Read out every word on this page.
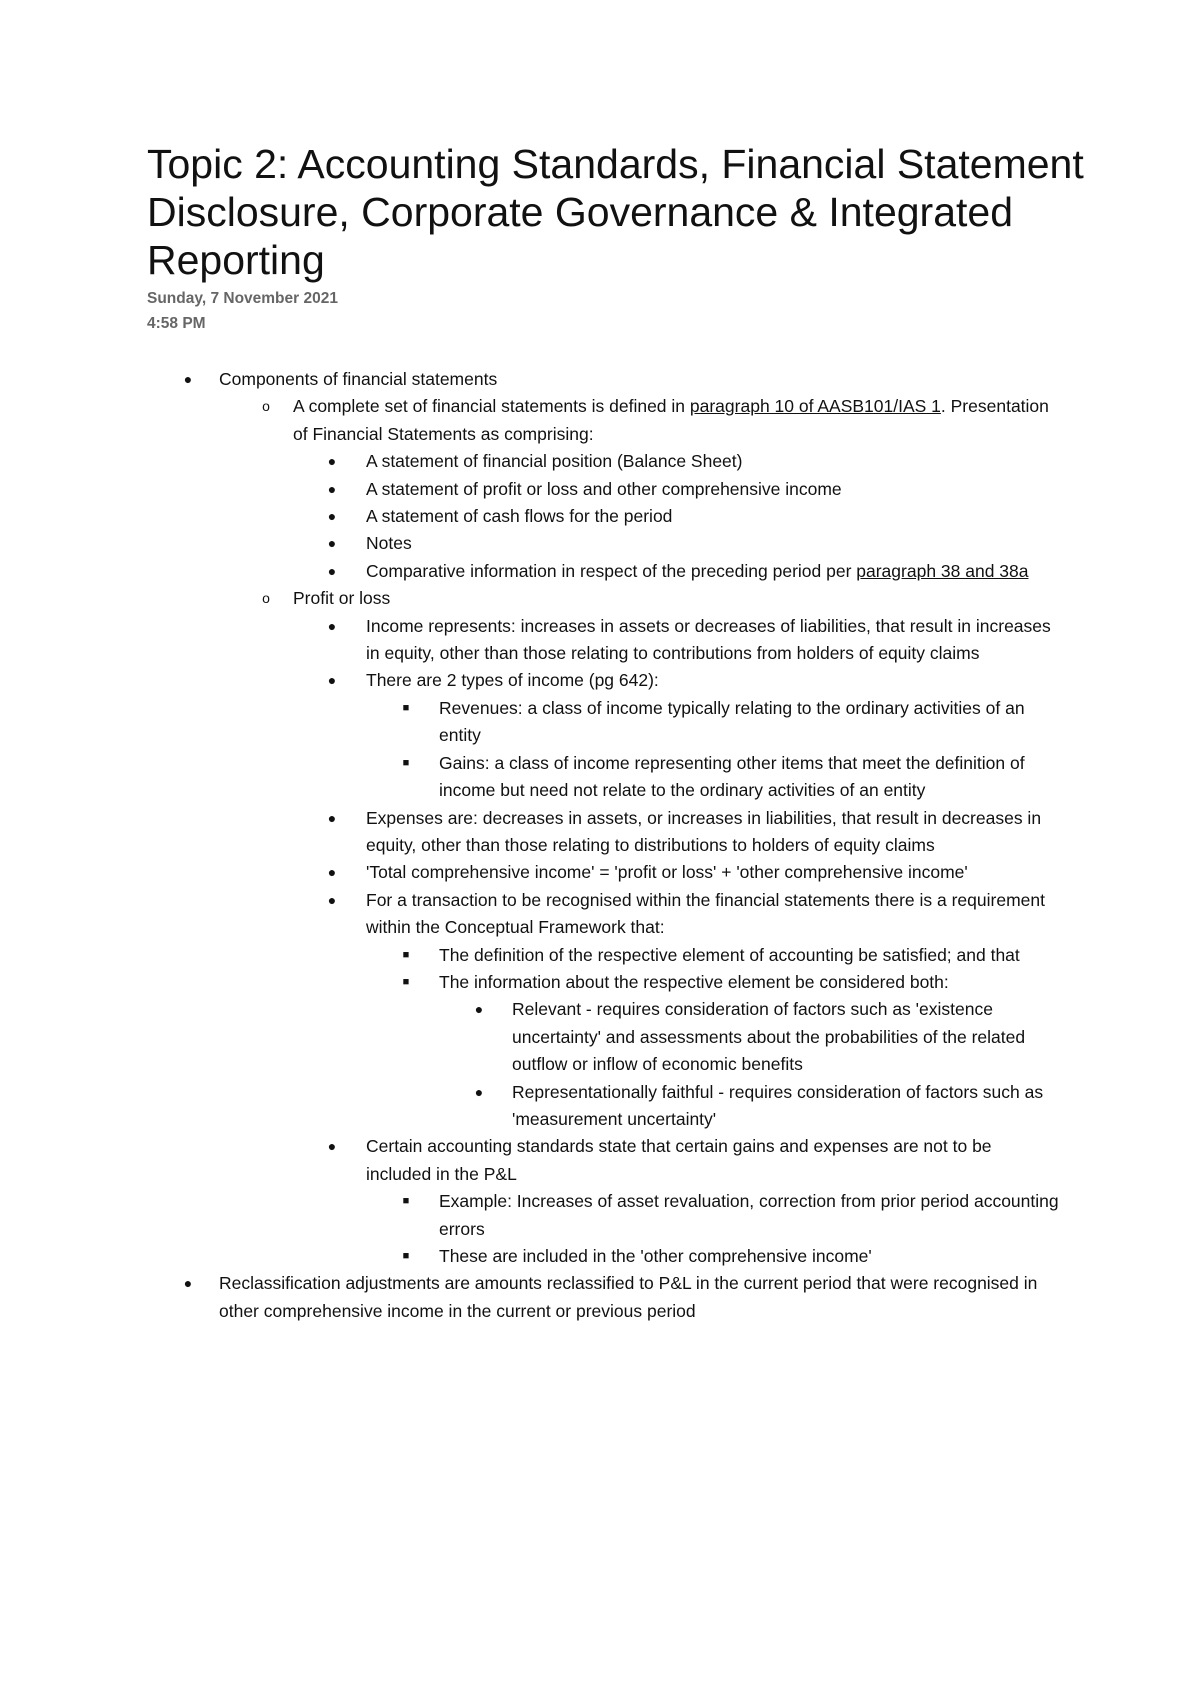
Topic 2: Accounting Standards, Financial Statement Disclosure, Corporate Governance & Integrated Reporting
Sunday, 7 November 2021
4:58 PM
●	Components of financial statements
o	A complete set of financial statements is defined in paragraph 10 of AASB101/IAS 1. Presentation of Financial Statements as comprising:
●	A statement of financial position (Balance Sheet)
●	A statement of profit or loss and other comprehensive income
●	A statement of cash flows for the period
●	Notes
●	Comparative information in respect of the preceding period per paragraph 38 and 38a
o	Profit or loss
●	Income represents: increases in assets or decreases of liabilities, that result in increases in equity, other than those relating to contributions from holders of equity claims
●	There are 2 types of income (pg 642):
■	Revenues: a class of income typically relating to the ordinary activities of an entity
■	Gains: a class of income representing other items that meet the definition of income but need not relate to the ordinary activities of an entity
●	Expenses are: decreases in assets, or increases in liabilities, that result in decreases in equity, other than those relating to distributions to holders of equity claims
●	'Total comprehensive income' = 'profit or loss' + 'other comprehensive income'
●	For a transaction to be recognised within the financial statements there is a requirement within the Conceptual Framework that:
■	The definition of the respective element of accounting be satisfied; and that
■	The information about the respective element be considered both:
●	Relevant - requires consideration of factors such as 'existence uncertainty' and assessments about the probabilities of the related outflow or inflow of economic benefits
●	Representationally faithful - requires consideration of factors such as 'measurement uncertainty'
●	Certain accounting standards state that certain gains and expenses are not to be included in the P&L
■	Example: Increases of asset revaluation, correction from prior period accounting errors
■	These are included in the 'other comprehensive income'
●	Reclassification adjustments are amounts reclassified to P&L in the current period that were recognised in other comprehensive income in the current or previous period
